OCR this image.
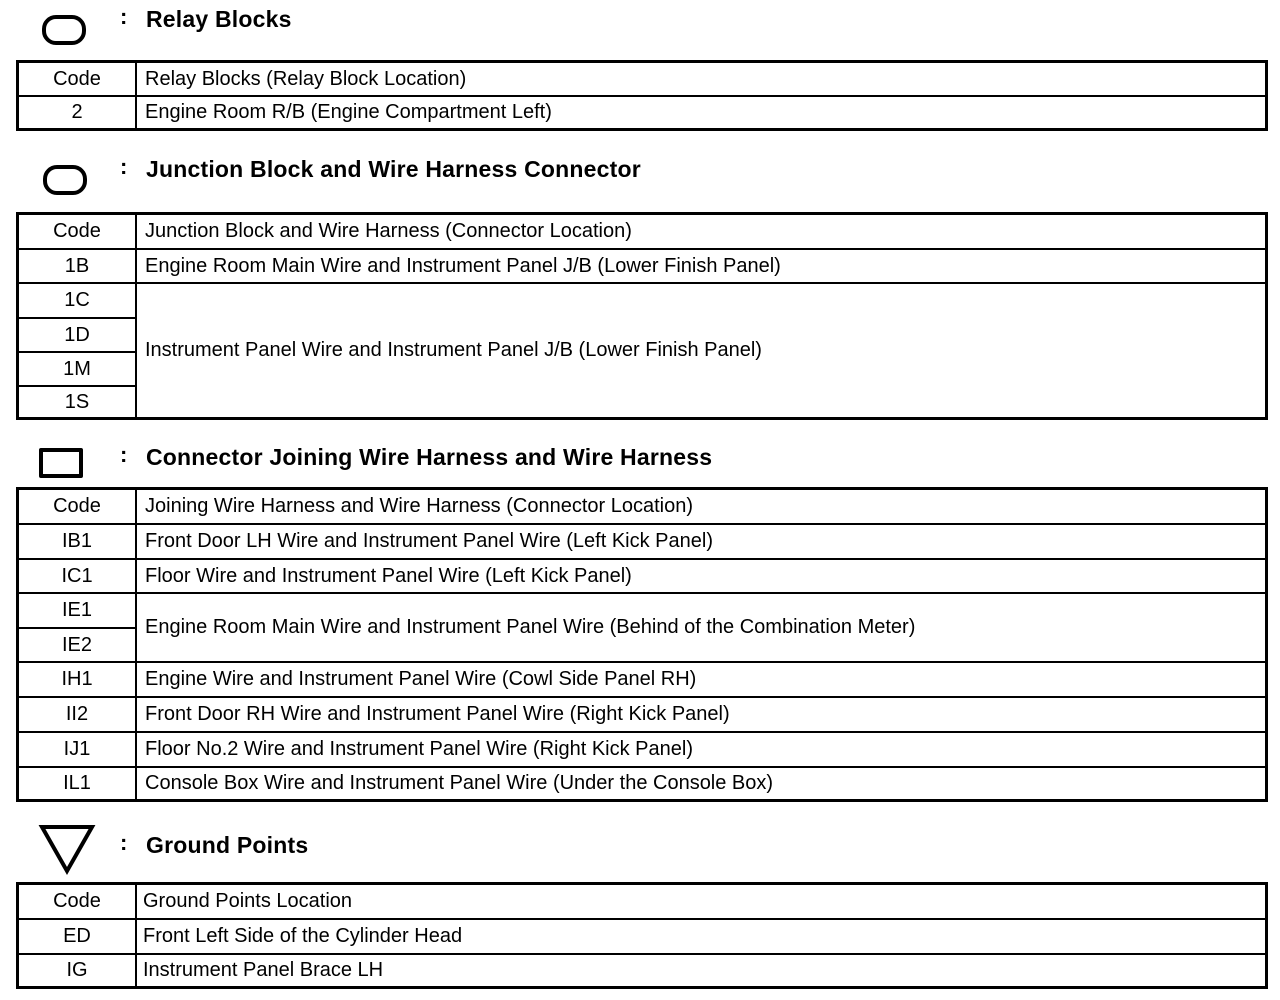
: Relay Blocks
Code	Relay Blocks (Relay Block Location)
2	Engine Room R/B (Engine Compartment Left)
: Junction Block and Wire Harness Connector
Code	Junction Block and Wire Harness (Connector Location)
1B	Engine Room Main Wire and Instrument Panel J/B (Lower Finish Panel)
1C	Instrument Panel Wire and Instrument Panel J/B (Lower Finish Panel)
1D	
1M	
1S	
: Connector Joining Wire Harness and Wire Harness
Code	Joining Wire Harness and Wire Harness (Connector Location)
IB1	Front Door LH Wire and Instrument Panel Wire (Left Kick Panel)
IC1	Floor Wire and Instrument Panel Wire (Left Kick Panel)
IE1	Engine Room Main Wire and Instrument Panel Wire (Behind of the Combination Meter)
IE2	
IH1	Engine Wire and Instrument Panel Wire (Cowl Side Panel RH)
II2	Front Door RH Wire and Instrument Panel Wire (Right Kick Panel)
IJ1	Floor No.2 Wire and Instrument Panel Wire (Right Kick Panel)
IL1	Console Box Wire and Instrument Panel Wire (Under the Console Box)
: Ground Points
Code	Ground Points Location
ED	Front Left Side of the Cylinder Head
IG	Instrument Panel Brace LH
